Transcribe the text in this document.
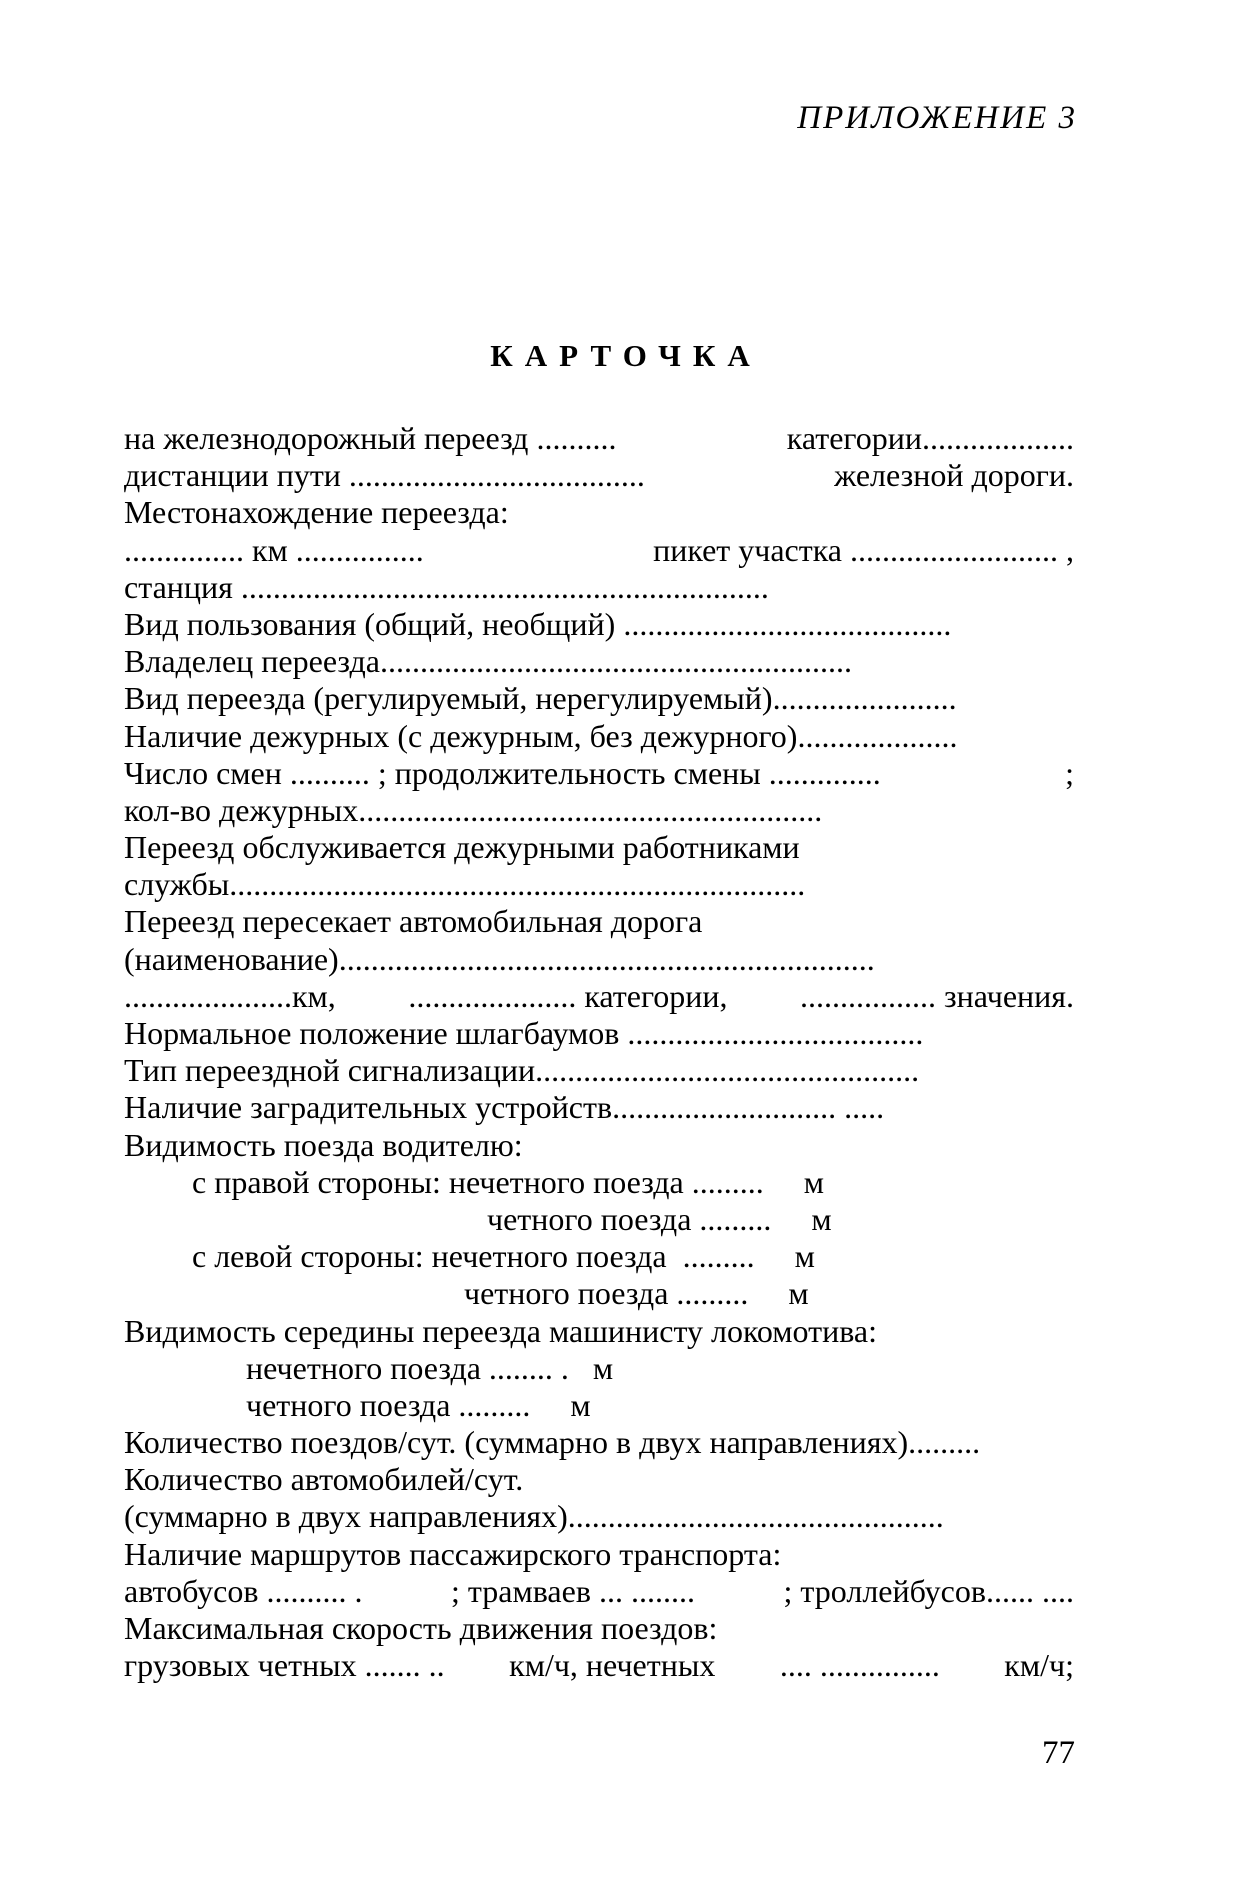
ПРИЛОЖЕНИЕ 3
КАРТОЧКА
на железнодорожный переезд ..........	категории...................
дистанции пути .....................................	железной дороги.
Местонахождение переезда:
............... км ................	пикет участка .......................... ,
станция ..................................................................
Вид пользования (общий, необщий) .........................................
Владелец переезда...........................................................
Вид переезда (регулируемый, нерегулируемый).......................
Наличие дежурных (с дежурным, без дежурного)....................
Число смен .......... ; продолжительность смены ..............	;
кол-во дежурных..........................................................
Переезд обслуживается дежурными работниками
службы........................................................................
Переезд пересекает автомобильная дорога
(наименование)...................................................................
.....................км, ..................... категории, ................. значения.
Нормальное положение шлагбаумов .....................................
Тип переездной сигнализации................................................
Наличие заградительных устройств............................ .....
Видимость поезда водителю:
с правой стороны: нечетного поезда .........     м
четного поезда .........     м
с левой стороны: нечетного поезда  .........     м
четного поезда .........     м
Видимость середины переезда машинисту локомотива:
нечетного поезда ........ .   м
четного поезда .........     м
Количество поездов/сут. (суммарно в двух направлениях).........
Количество автомобилей/сут.
(суммарно в двух направлениях)...............................................
Наличие маршрутов пассажирского транспорта:
автобусов .......... .	; трамваев ... ........	; троллейбусов...... ....
Максимальная скорость движения поездов:
грузовых четных ....... .. км/ч, нечетных .... ............... км/ч;
77
